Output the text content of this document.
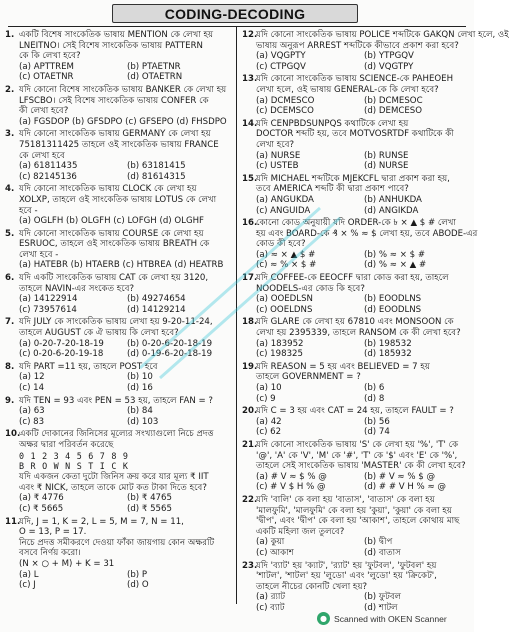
CODING-DECODING
1. একটি বিশেষ সাংকেতিক ভাষায় MENTION কে লেখা হয়
LNEITNO। সেই বিশেষ সাংকেতিক ভাষায় PATTERN
কে কি লেখা হবে?
(a) APTTREM	(b) PTAETNR
(c) OTAETNR	(d) OTAETRN
2. যদি কোনো বিশেষ সাংকেতিক ভাষায় BANKER কে লেখা হয়
LFSCBO। সেই বিশেষ সাংকেতিক ভাষায় CONFER কে
কী লেখা হবে?
(a) FGSDOP (b) GFSDPO (c) GFSEPO (d) FHSDPO
3. যদি কোনো সাংকেতিক ভাষায় GERMANY কে লেখা হয়
75181311425 তাহলে ওই সাংকেতিক ভাষায় FRANCE
কে লেখা হবে
(a) 61811435	(b) 63181415
(c) 82145136	(d) 81614315
4. যদি কোনো সাংকেতিক ভাষায় CLOCK কে লেখা হয়
XOLXP, তাহলে ওই সাংকেতিক ভাষায় LOTUS কে লেখা
হবে -
(a) OGLFH (b) OLGFH (c) LOFGH (d) OLGHF
5. যদি কোনো সাংকেতিক ভাষায় COURSE কে লেখা হয়
ESRUOC, তাহলে ওই সাংকেতিক ভাষায় BREATH কে
লেখা হবে -
(a) HATEBR (b) HTAERB (c) HTBREA (d) HEATRB
6. যদি একটি সাংকেতিক ভাষায় CAT কে লেখা হয় 3120,
তাহলে NAVIN-এর সংকেত হবে?
(a) 14122914	(b) 49274654
(c) 73957614	(d) 14129214
7. যদি JULY কে সাংকেতিক ভাষায় লেখা হয় 9-20-11-24,
তাহলে AUGUST কে ঐ ভাষায় কি লেখা হবে?
(a) 0-20-7-20-18-19	(b) 0-20-6-20-18-19
(c) 0-20-6-20-19-18	(d) 0-19-6-20-18-19
8. যদি PART =11 হয়, তাহলে POST হবে
(a) 12	(b) 10
(c) 14	(d) 16
9. যদি TEN = 93 এবং PEN = 53 হয়, তাহলে FAN = ?
(a) 63	(b) 84
(c) 83	(d) 103
10.একটি দোকানের জিনিসের মূল্যের সংখ্যাগুলো নিচে প্রদত্ত
অক্ষর দ্বারা পরিবর্তন করেছে
0123456789
BROWNSTICK
যদি একজন কেতা দুটো জিনিস ক্রয় করে যার মূল্য ₹ IIT
এবং ₹ NICK, তাহলে তাকে মোট কত টাকা দিতে হবে?
(a) ₹ 4776	(b) ₹ 4765
(c) ₹ 5665	(d) ₹ 5565
11.যদি, J = 1, K = 2, L = 5, M = 7, N = 11,
O = 13, P = 17.
নিচে প্রদত্ত সমীকরণে দেওয়া ফাঁকা জায়গায় কোন অক্ষরটি
বসবে নির্ণয় করো।
(N × ○ + M) + K = 31
(a) L	(b) P
(c) J	(d) O
12.যদি কোনো সাংকেতিক ভাষায় POLICE শব্দটিকে GAKQN লেখা হলে, ওই
ভাষায় অনুরূপ ARREST শব্দটিকে কীভাবে প্রকাশ করা হবে?
(a) VQGPTY	(b) YTPGQV
(c) CTPGQV	(d) VQGTPY
13.যদি কোনো সাংকেতিক ভাষায় SCIENCE-কে PAHEOEH
লেখা হলে, ওই ভাষায় GENERAL-কে কি লেখা হবে?
(a) DCMESCO	(b) DCMESOC
(c) DCEMSCO	(d) DEMCESO
14.যদি CENPBDSUNPQS কথাটিকে লেখা হয়
DOCTOR শব্দটি হয়, তবে MOTVOSRTDF কথাটিকে কী
লেখা হবে?
(a) NURSE	(b) RUNSE
(c) USTEB	(d) NURSE
15.যদি MICHAEL শব্দটিকে MJEKCFL দ্বারা প্রকাশ করা হয়,
তবে AMERICA শব্দটি কী দ্বারা প্রকাশ পাবে?
(a) ANGUKDA	(b) ANHUKDA
(c) ANGUIDA	(d) ANGIKDA
16.কোনো কোড অনুযায়ী যদি ORDER-কে ৳ × ▲ $ # লেখা
হয় এবং BOARD-কে ₰ × % ≈ $ লেখা হয়, তবে ABODE-এর
কোড কী হবে?
(a) ≈ × ▲ $ #	(b) % ≈ × $ #
(c) ≈ % × $ #	(d) % ≈ × ▲ #
17.যদি COFFEE-কে EEOCFF দ্বারা কোড করা হয়, তাহলে
NOODELS-এর কোড কি হবে?
(a) OOEDLSN	(b) EOODLNS
(c) OOELDNS	(d) EOODLNS
18.যদি GLARE কে লেখা হয় 67810 এবং MONSOON কে
লেখা হয় 2395339, তাহলে RANSOM কে কী লেখা হবে?
(a) 183952	(b) 198532
(c) 198325	(d) 185932
19.যদি REASON = 5 হয় এবং BELIEVED = 7 হয়
তাহলে GOVERNMENT = ?
(a) 10	(b) 6
(c) 9	(d) 8
20.যদি C = 3 হয় এবং CAT = 24 হয়, তাহলে FAULT = ?
(a) 42	(b) 56
(c) 62	(d) 74
21.যদি কোনো সাংকেতিক ভাষায় 'S' কে লেখা হয় '%', 'T' কে
'@', 'A' কে 'V', 'M' কে '#', 'T' কে '$' এবং 'E' কে '%',
তাহলে সেই সাংকেতিক ভাষায় 'MASTER' কে কী লেখা হবে?
(a) # V ≈ $ % @	(b) # V ≈ % $ @
(c) # V $ H % @	(d) # # V H % ≈ @
22.যদি 'বালি' কে বলা হয় 'বাতাস', 'বাতাস' কে বলা হয়
'মালফুমি', 'মালফুমি' কে বলা হয় 'কুয়া', 'কুয়া' কে বলা হয়
'দ্বীপ', এবং 'দ্বীপ' কে বলা হয় 'আকাশ', তাহলে কোথায় মাছ
একটি মহিলা জল তুলবে?
(a) কুয়া	(b) দ্বীপ
(c) আকাশ	(d) বাতাস
23.যদি 'ব্যাট' হয় 'ক্যাট', 'র‍্যাট' হয় 'ফুটবল', 'ফুটবল' হয়
'শাটল', 'শাটল' হয় 'লুডো' এবং 'লুডো' হয় 'ক্রিকেট',
তাহলে নীচের কোনটি খেলা হয়?
(a) র‍্যাট	(b) ফুটবল
(c) ব্যাট	(d) শাটল
● Scanned with OKEN Scanner
